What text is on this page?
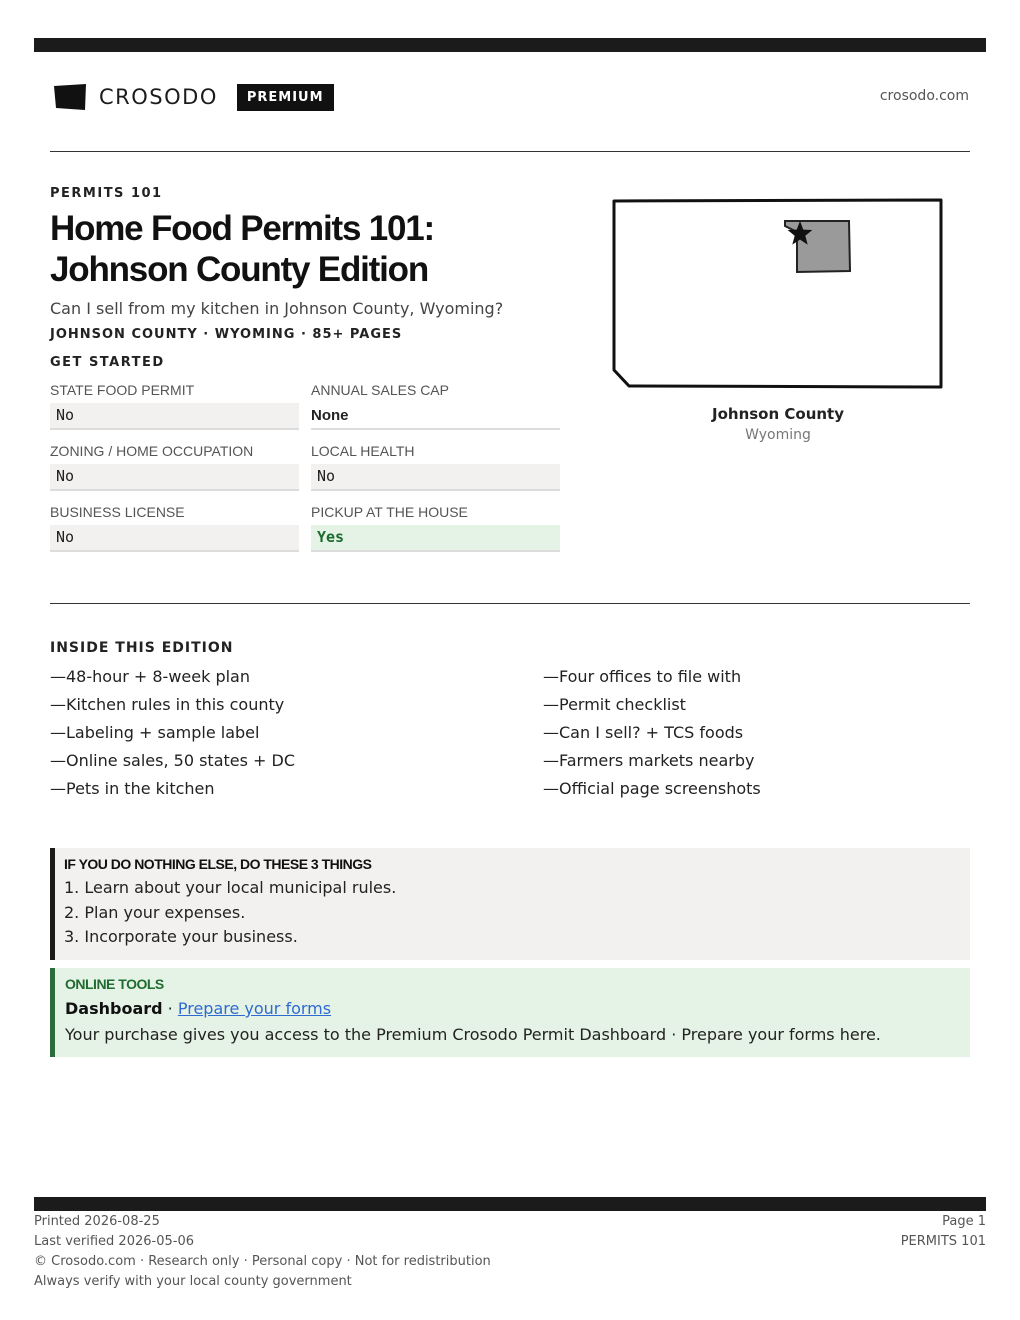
CROSODO	PREMIUM	crosodo.com
PERMITS 101
Home Food Permits 101:
Johnson County Edition
Can I sell from my kitchen in Johnson County, Wyoming?
JOHNSON COUNTY · WYOMING · 85+ PAGES
GET STARTED
STATE FOOD PERMIT
No
ANNUAL SALES CAP
None
ZONING / HOME OCCUPATION
No
LOCAL HEALTH
No
BUSINESS LICENSE
No
PICKUP AT THE HOUSE
Yes
Johnson County
Wyoming
INSIDE THIS EDITION
—48-hour + 8-week plan
—Kitchen rules in this county
—Labeling + sample label
—Online sales, 50 states + DC
—Pets in the kitchen
—Four offices to file with
—Permit checklist
—Can I sell? + TCS foods
—Farmers markets nearby
—Official page screenshots
IF YOU DO NOTHING ELSE, DO THESE 3 THINGS
1. Learn about your local municipal rules.
2. Plan your expenses.
3. Incorporate your business.
ONLINE TOOLS
Dashboard · Prepare your forms
Your purchase gives you access to the Premium Crosodo Permit Dashboard · Prepare your forms here.
Printed 2026-08-25
Last verified 2026-05-06
© Crosodo.com · Research only · Personal copy · Not for redistribution
Always verify with your local county government
Page 1
PERMITS 101
